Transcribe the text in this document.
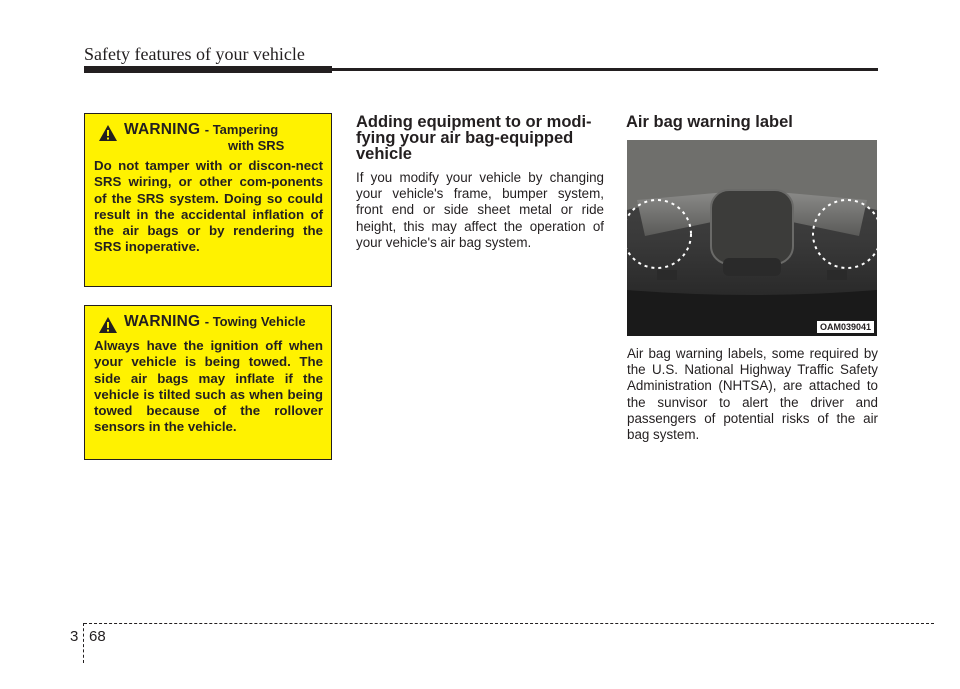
Safety features of your vehicle
WARNING - Tampering
with SRS

Do not tamper with or discon-nect SRS wiring, or other com-ponents of the SRS system. Doing so could result in the accidental inflation of the air bags or by rendering the SRS inoperative.

WARNING - Towing Vehicle

Always have the ignition off when your vehicle is being towed. The side air bags may inflate if the vehicle is tilted such as when being towed because of the rollover sensors in the vehicle.

Adding equipment to or modi-fying your air bag-equipped vehicle

If you modify your vehicle by changing your vehicle's frame, bumper system, front end or side sheet metal or ride height, this may affect the operation of your vehicle's air bag system.

Air bag warning label
OAM039041

Air bag warning labels, some required by the U.S. National Highway Traffic Safety Administration (NHTSA), are attached to the sunvisor to alert the driver and passengers of potential risks of the air bag system.

3 68
